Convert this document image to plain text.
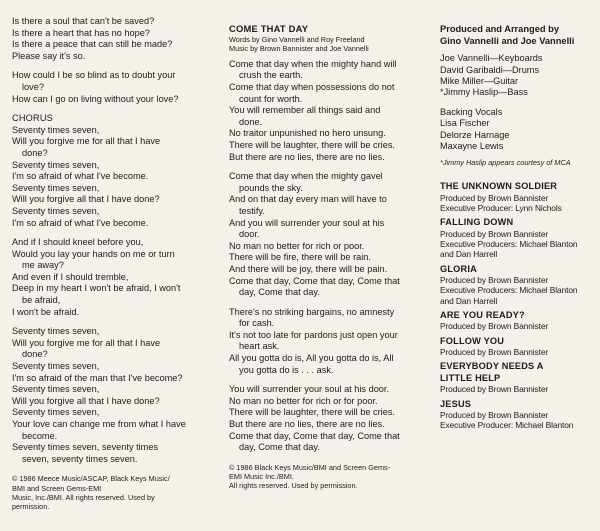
Is there a soul that can't be saved?
Is there a heart that has no hope?
Is there a peace that can still be made?
Please say it's so.
How could I be so blind as to doubt your
love?
How can I go on living without your love?
CHORUS
Seventy times seven,
Will you forgive me for all that I have
done?
Seventy times seven,
I'm so afraid of what I've become.
Seventy times seven,
Will you forgive all that I have done?
Seventy times seven,
I'm so afraid of what I've become.
And if I should kneel before you,
Would you lay your hands on me or turn
me away?
And even if I should tremble,
Deep in my heart I won't be afraid, I won't
be afraid,
I won't be afraid.
Seventy times seven,
Will you forgive me for all that I have
done?
Seventy times seven,
I'm so afraid of the man that I've become?
Seventy times seven,
Will you forgive all that I have done?
Seventy times seven,
Your love can change me from what I have
become.
Seventy times seven, seventy times
seven, seventy times seven.
© 1986 Meece Music/ASCAP, Black Keys Music/
BMI and Screen Gems-EMI
Music, Inc./BMI. All rights reserved. Used by
permission.
COME THAT DAY
Words by Gino Vannelli and Roy Freeland
Music by Brown Bannister and Joe Vannelli
Come that day when the mighty hand will
crush the earth.
Come that day when possessions do not
count for worth.
You will remember all things said and
done.
No traitor unpunished no hero unsung.
There will be laughter, there will be cries.
But there are no lies, there are no lies.
Come that day when the mighty gavel
pounds the sky.
And on that day every man will have to
testify.
And you will surrender your soul at his
door.
No man no better for rich or poor.
There will be fire, there will be rain.
And there will be joy, there will be pain.
Come that day, Come that day, Come that
day, Come that day.
There's no striking bargains, no amnesty
for cash.
It's not too late for pardons just open your
heart ask.
All you gotta do is, All you gotta do is, All
you gotta do is . . . ask.
You will surrender your soul at his door.
No man no better for rich or for poor.
There will be laughter, there will be cries.
But there are no lies, there are no lies.
Come that day, Come that day, Come that
day, Come that day.
© 1986 Black Keys Music/BMI and Screen Gems-
EMI Music Inc./BMI.
All rights reserved. Used by permission.
Produced and Arranged by
Gino Vannelli and Joe Vannelli
Joe Vannelli—Keyboards
David Garibaldi—Drums
Mike Miller—Guitar
*Jimmy Haslip—Bass
Backing Vocals
Lisa Fischer
Delorze Harnage
Maxayne Lewis
*Jimmy Haslip appears courtesy of MCA
THE UNKNOWN SOLDIER
Produced by Brown Bannister
Executive Producer: Lynn Nichols
FALLING DOWN
Produced by Brown Bannister
Executive Producers: Michael Blanton
and Dan Harrell
GLORIA
Produced by Brown Bannister
Executive Producers: Michael Blanton
and Dan Harrell
ARE YOU READY?
Produced by Brown Bannister
FOLLOW YOU
Produced by Brown Bannister
EVERYBODY NEEDS A
LITTLE HELP
Produced by Brown Bannister
JESUS
Produced by Brown Bannister
Executive Producer: Michael Blanton
